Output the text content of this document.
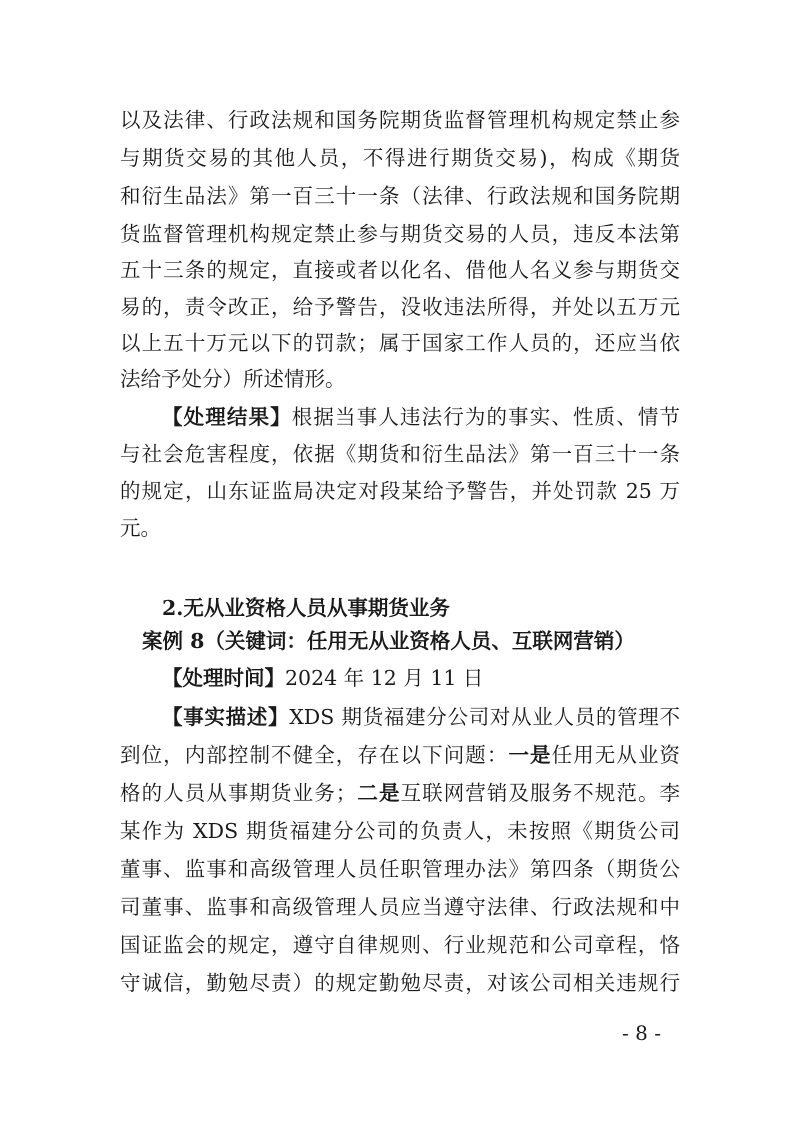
以及法律、行政法规和国务院期货监督管理机构规定禁止参
与期货交易的其他人员，不得进行期货交易)，构成《期货
和衍生品法》第一百三十一条（法律、行政法规和国务院期
货监督管理机构规定禁止参与期货交易的人员，违反本法第
五十三条的规定，直接或者以化名、借他人名义参与期货交
易的，责令改正，给予警告，没收违法所得，并处以五万元
以上五十万元以下的罚款；属于国家工作人员的，还应当依
法给予处分）所述情形。
【处理结果】根据当事人违法行为的事实、性质、情节
与社会危害程度，依据《期货和衍生品法》第一百三十一条
的规定，山东证监局决定对段某给予警告，并处罚款 25 万
元。
2.无从业资格人员从事期货业务
案例 8（关键词：任用无从业资格人员、互联网营销）
【处理时间】2024 年 12 月 11 日
【事实描述】XDS 期货福建分公司对从业人员的管理不
到位，内部控制不健全，存在以下问题：一是任用无从业资
格的人员从事期货业务；二是互联网营销及服务不规范。李
某作为 XDS 期货福建分公司的负责人，未按照《期货公司
董事、监事和高级管理人员任职管理办法》第四条（期货公
司董事、监事和高级管理人员应当遵守法律、行政法规和中
国证监会的规定，遵守自律规则、行业规范和公司章程，恪
守诚信，勤勉尽责）的规定勤勉尽责，对该公司相关违规行
- 8 -
